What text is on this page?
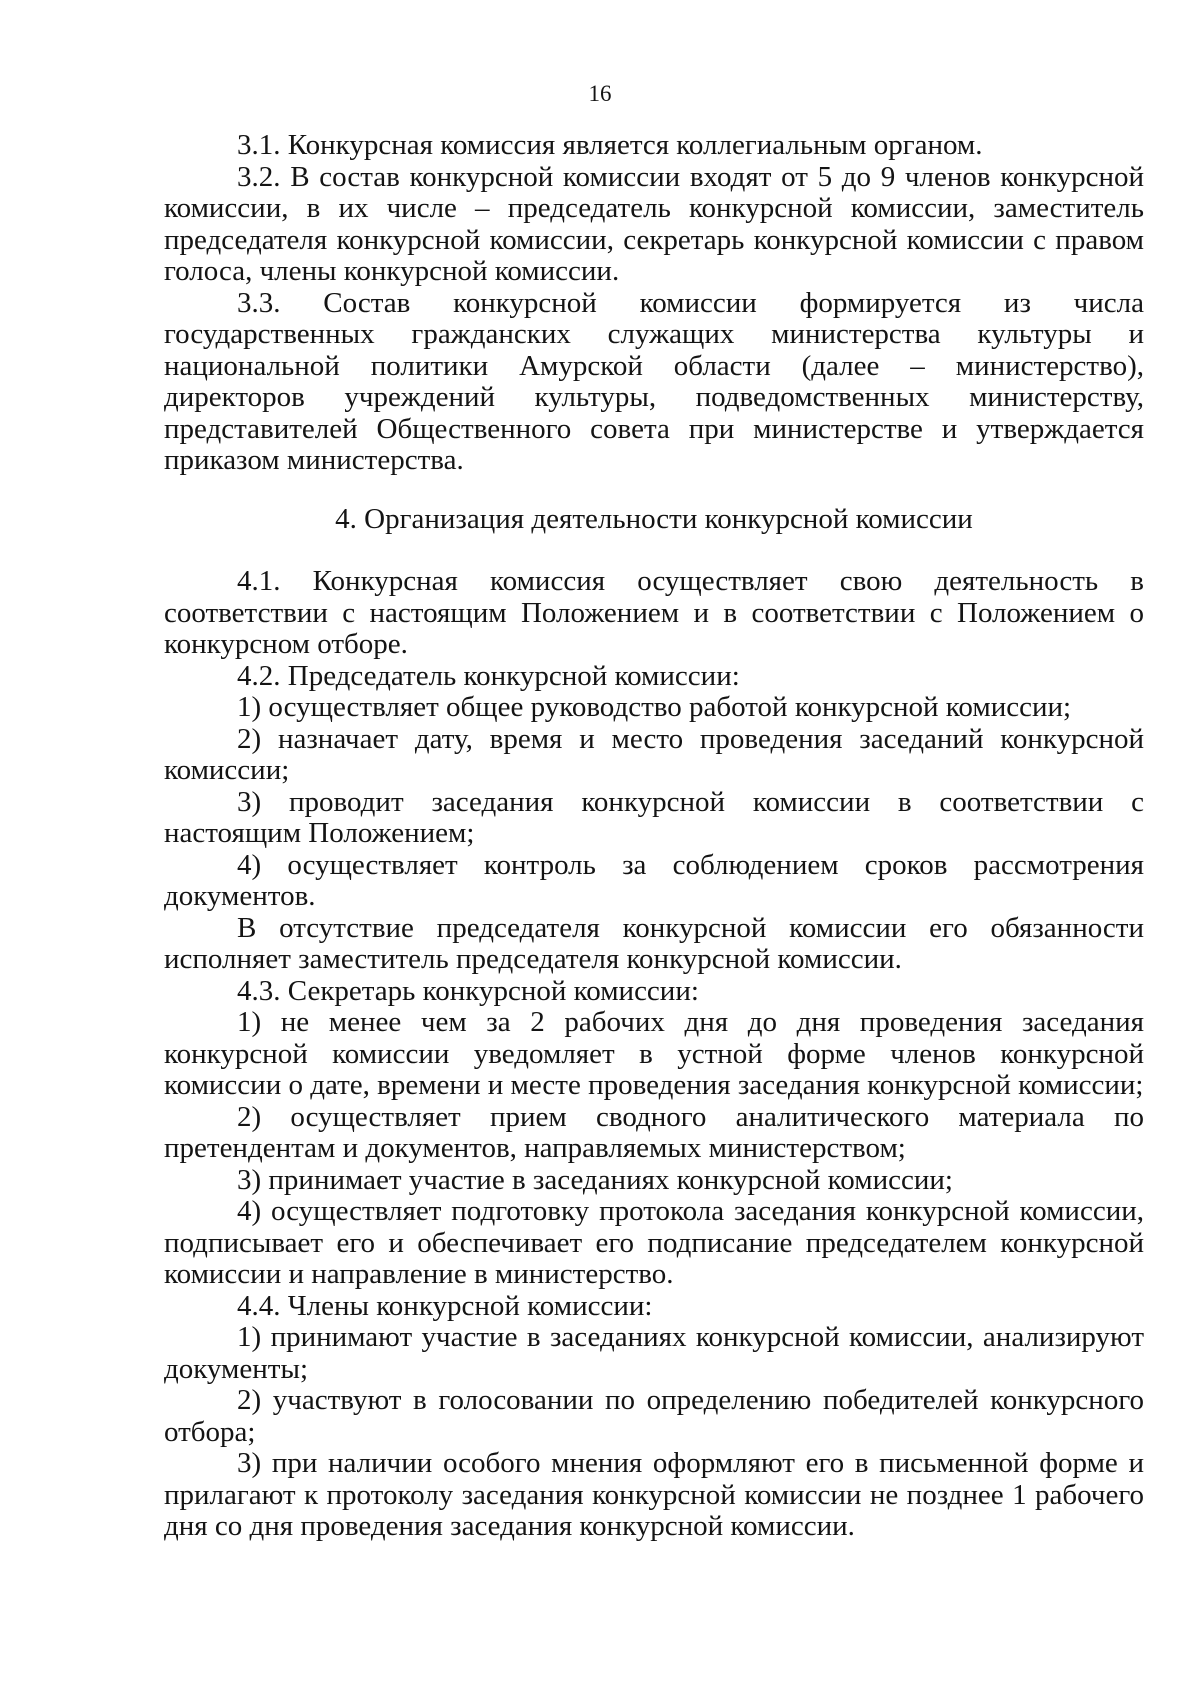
16

3.1. Конкурсная комиссия является коллегиальным органом.

3.2. В состав конкурсной комиссии входят от 5 до 9 членов конкурсной комиссии, в их числе – председатель конкурсной комиссии, заместитель председателя конкурсной комиссии, секретарь конкурсной комиссии с правом голоса, члены конкурсной комиссии.

3.3. Состав конкурсной комиссии формируется из числа государственных гражданских служащих министерства культуры и национальной политики Амурской области (далее – министерство), директоров учреждений культуры, подведомственных министерству, представителей Общественного совета при министерстве и утверждается приказом министерства.

4. Организация деятельности конкурсной комиссии

4.1. Конкурсная комиссия осуществляет свою деятельность в соответствии с настоящим Положением и в соответствии с Положением о конкурсном отборе.

4.2. Председатель конкурсной комиссии:

1) осуществляет общее руководство работой конкурсной комиссии;

2) назначает дату, время и место проведения заседаний конкурсной комиссии;

3) проводит заседания конкурсной комиссии в соответствии с настоящим Положением;

4) осуществляет контроль за соблюдением сроков рассмотрения документов.

В отсутствие председателя конкурсной комиссии его обязанности исполняет заместитель председателя конкурсной комиссии.

4.3. Секретарь конкурсной комиссии:

1) не менее чем за 2 рабочих дня до дня проведения заседания конкурсной комиссии уведомляет в устной форме членов конкурсной комиссии о дате, времени и месте проведения заседания конкурсной комиссии;

2) осуществляет прием сводного аналитического материала по претендентам и документов, направляемых министерством;

3) принимает участие в заседаниях конкурсной комиссии;

4) осуществляет подготовку протокола заседания конкурсной комиссии, подписывает его и обеспечивает его подписание председателем конкурсной комиссии и направление в министерство.

4.4. Члены конкурсной комиссии:

1) принимают участие в заседаниях конкурсной комиссии, анализируют документы;

2) участвуют в голосовании по определению победителей конкурсного отбора;

3) при наличии особого мнения оформляют его в письменной форме и прилагают к протоколу заседания конкурсной комиссии не позднее 1 рабочего дня со дня проведения заседания конкурсной комиссии.
